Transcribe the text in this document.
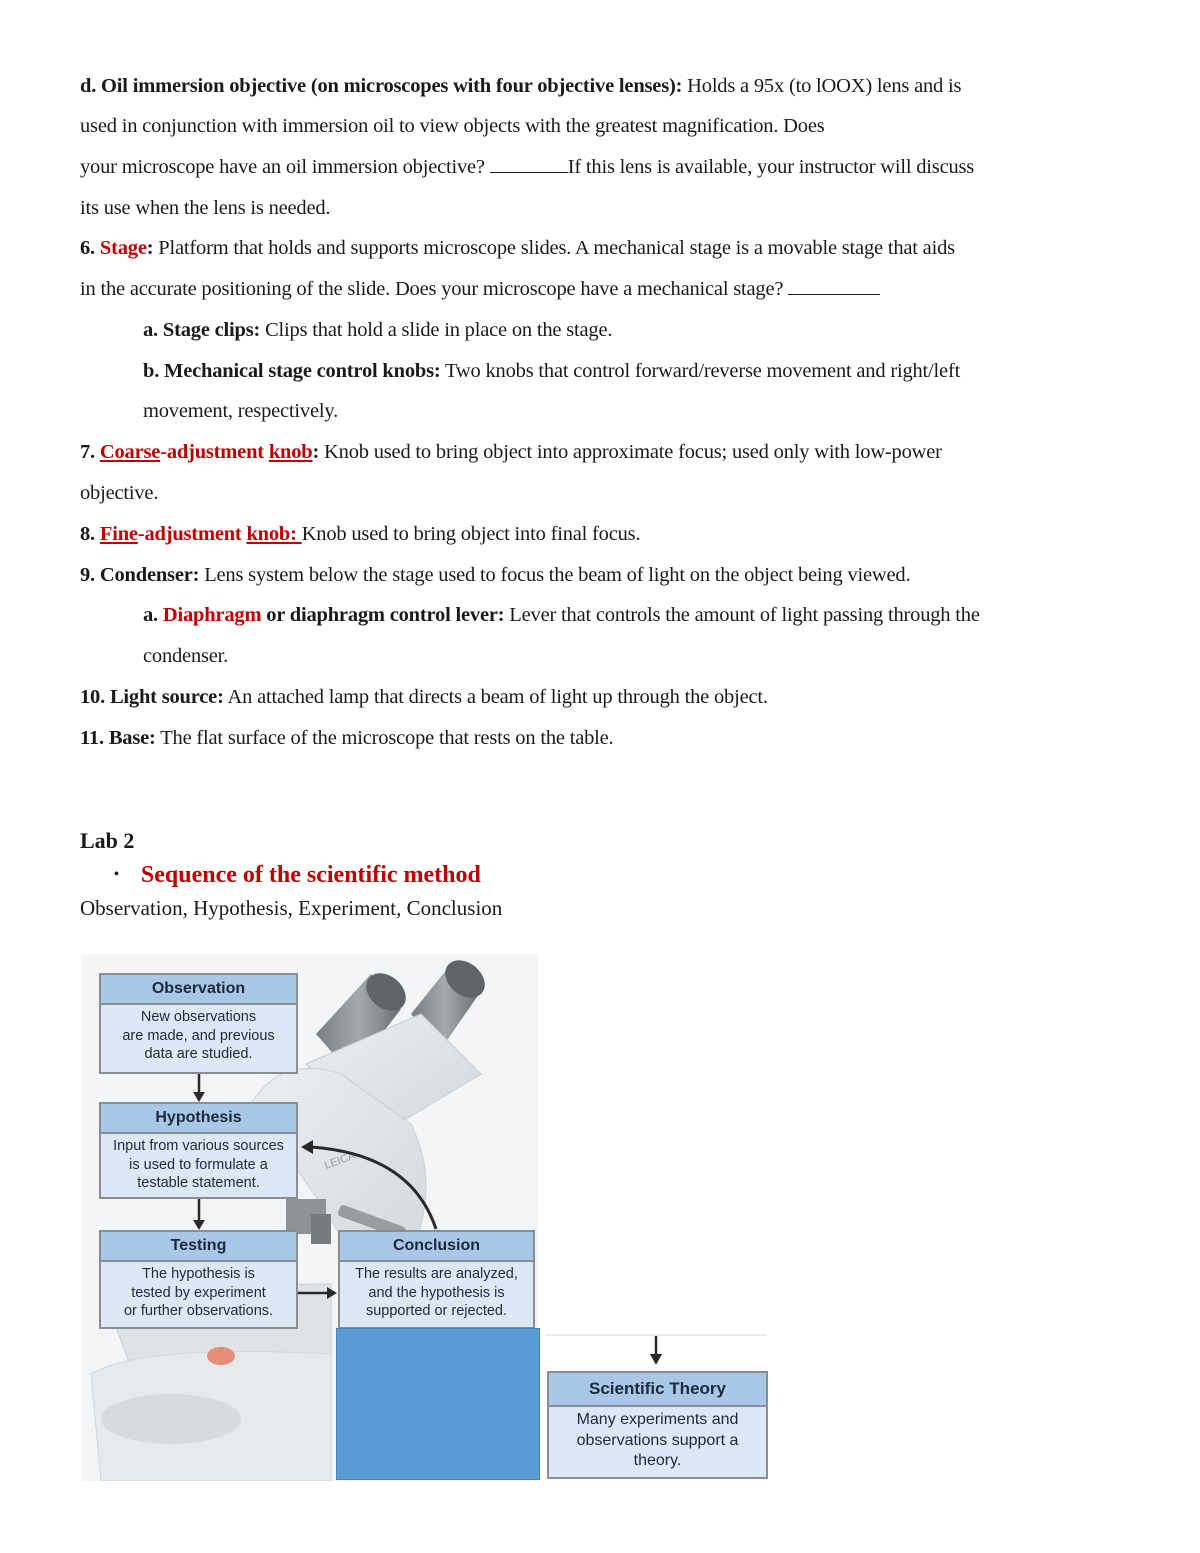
d. Oil immersion objective (on microscopes with four objective lenses): Holds a 95x (to lOOX) lens and is
used in conjunction with immersion oil to view objects with the greatest magnification. Does
your microscope have an oil immersion objective?	If this lens is available, your instructor will discuss
its use when the lens is needed.
6. Stage: Platform that holds and supports microscope slides. A mechanical stage is a movable stage that aids
in the accurate positioning of the slide. Does your microscope have a mechanical stage?
a. Stage clips: Clips that hold a slide in place on the stage.
b. Mechanical stage control knobs: Two knobs that control forward/reverse movement and right/left
movement, respectively.
7. Coarse-adjustment knob: Knob used to bring object into approximate focus; used only with low-power
objective.
8. Fine-adjustment knob: Knob used to bring object into final focus.
9. Condenser: Lens system below the stage used to focus the beam of light on the object being viewed.
a. Diaphragm or diaphragm control lever: Lever that controls the amount of light passing through the
condenser.
10. Light source: An attached lamp that directs a beam of light up through the object.
11. Base: The flat surface of the microscope that rests on the table.
Lab 2
• Sequence of the scientific method
Observation, Hypothesis, Experiment, Conclusion
LEICA
Observation
New observations
are made, and previous
data are studied.
Hypothesis
Input from various sources
is used to formulate a
testable statement.
Testing
The hypothesis is
tested by experiment
or further observations.
Conclusion
The results are analyzed,
and the hypothesis is
supported or rejected.
Scientific Theory
Many experiments and
observations support a
theory.
